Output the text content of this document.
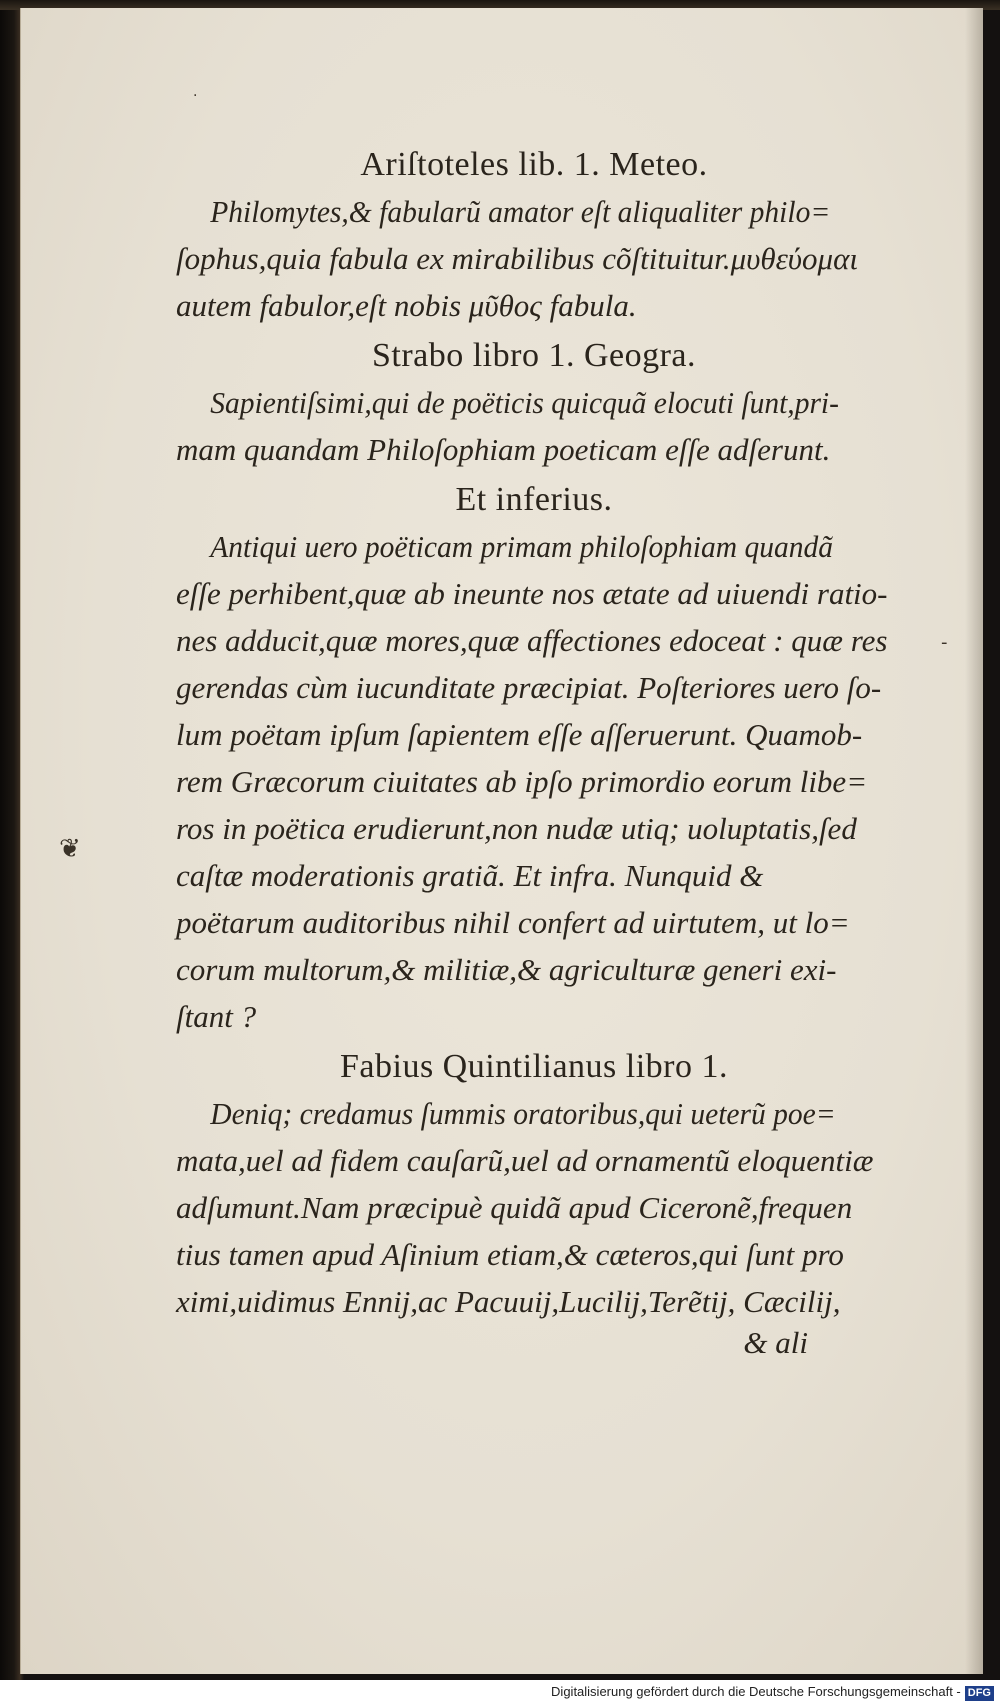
❦
·
-
Ariſtoteles lib. 1. Meteo.
Philomytes,& fabularũ amator eſt aliqualiter philo=
ſophus,quia fabula ex mirabilibus cõſtituitur.μυθεύομαι
autem fabulor,eſt nobis μῦθος fabula.
Strabo libro 1. Geogra.
Sapientiſsimi,qui de poëticis quicquã elocuti ſunt,pri-
mam quandam Philoſophiam poeticam eſſe adſerunt.
Et inferius.
Antiqui uero poëticam primam philoſophiam quandã
eſſe perhibent,quæ ab ineunte nos ætate ad uiuendi ratio-
nes adducit,quæ mores,quæ affectiones edoceat : quæ res
gerendas cùm iucunditate præcipiat. Poſteriores uero ſo-
lum poëtam ipſum ſapientem eſſe aſſeruerunt. Quamob-
rem Græcorum ciuitates ab ipſo primordio eorum libe=
ros in poëtica erudierunt,non nudæ utiq; uoluptatis,ſed
caſtæ moderationis gratiã. Et infra. Nunquid &
poëtarum auditoribus nihil confert ad uirtutem, ut lo=
corum multorum,& militiæ,& agriculturæ generi exi-
ſtant ?
Fabius Quintilianus libro 1.
Deniq; credamus ſummis oratoribus,qui ueterũ poe=
mata,uel ad fidem cauſarũ,uel ad ornamentũ eloquentiæ
adſumunt.Nam præcipuè quidã apud Ciceronẽ,frequen
tius tamen apud Aſinium etiam,& cæteros,qui ſunt pro
ximi,uidimus Ennij,ac Pacuuij,Lucilij,Terẽtij, Cæcilij,
& ali
Digitalisierung gefördert durch die Deutsche Forschungsgemeinschaft - DFG
